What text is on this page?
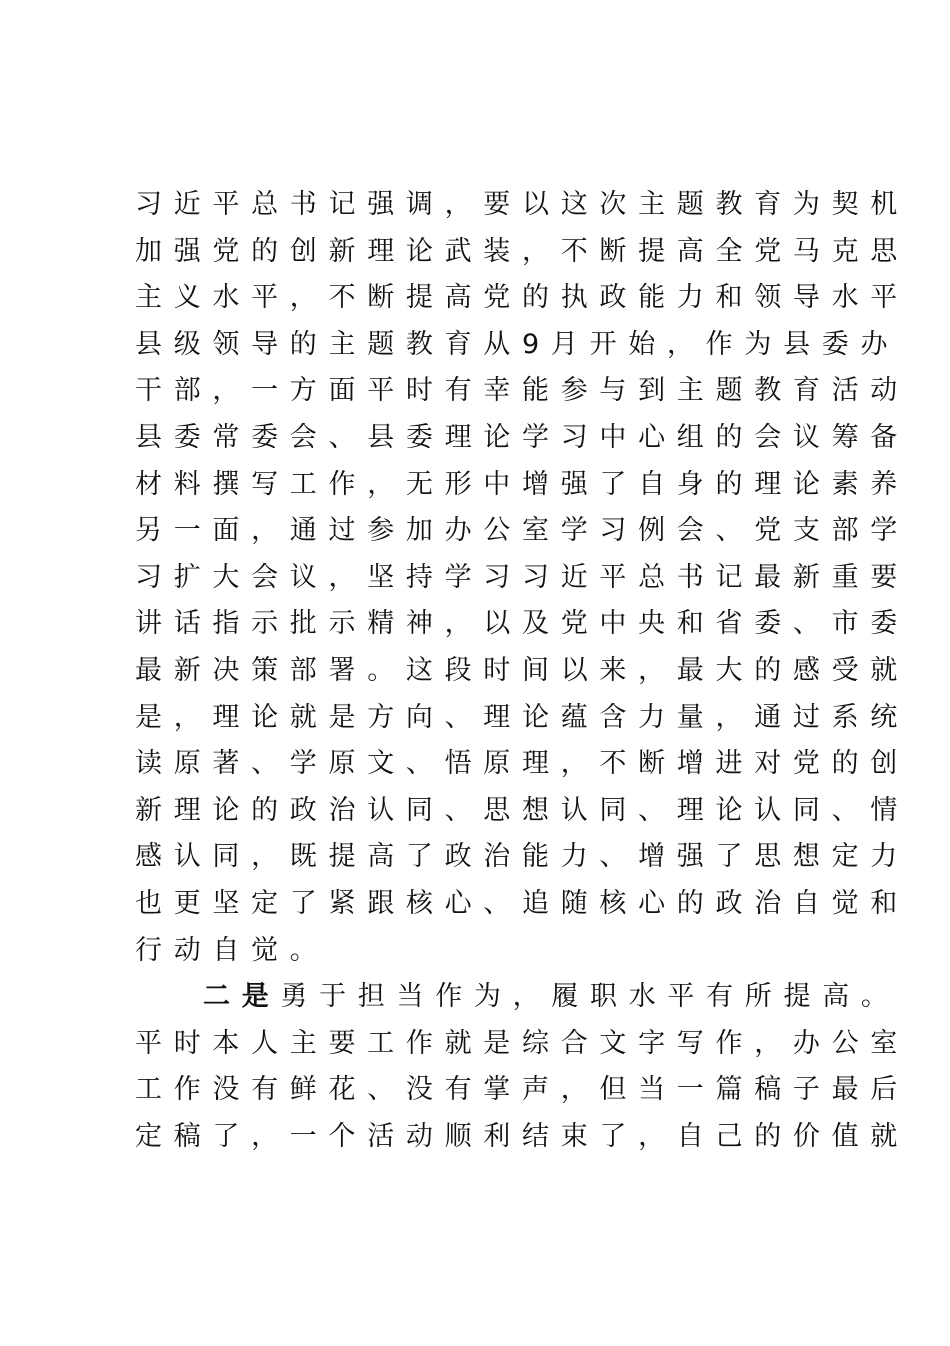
习近平总书记强调，要以这次主题教育为契机
加强党的创新理论武装，不断提高全党马克思
主义水平，不断提高党的执政能力和领导水平
县级领导的主题教育从9月开始，作为县委办
干部，一方面平时有幸能参与到主题教育活动
县委常委会、县委理论学习中心组的会议筹备
材料撰写工作，无形中增强了自身的理论素养
另一面，通过参加办公室学习例会、党支部学
习扩大会议，坚持学习习近平总书记最新重要
讲话指示批示精神，以及党中央和省委、市委
最新决策部署。这段时间以来，最大的感受就
是，理论就是方向、理论蕴含力量，通过系统
读原著、学原文、悟原理，不断增进对党的创
新理论的政治认同、思想认同、理论认同、情
感认同，既提高了政治能力、增强了思想定力
也更坚定了紧跟核心、追随核心的政治自觉和
行动自觉。
二是勇于担当作为，履职水平有所提高。
平时本人主要工作就是综合文字写作，办公室
工作没有鲜花、没有掌声，但当一篇稿子最后
定稿了，一个活动顺利结束了，自己的价值就
